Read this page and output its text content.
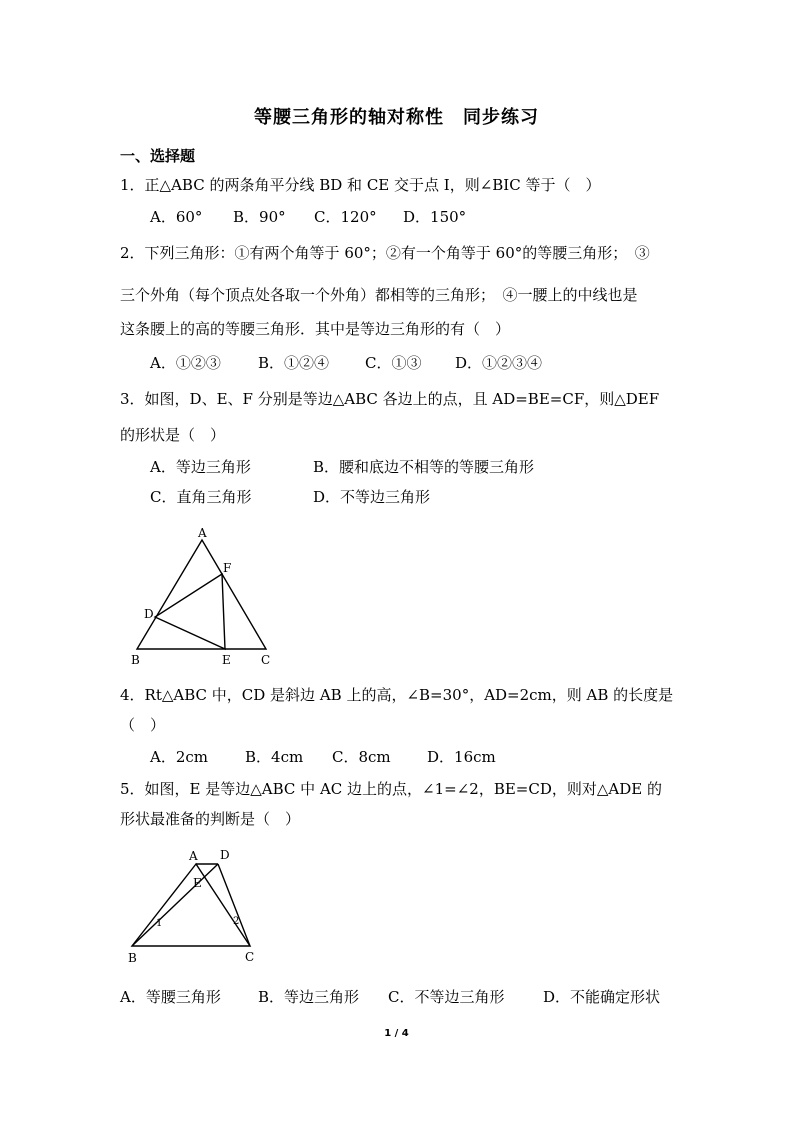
等腰三角形的轴对称性　同步练习
一、选择题
1．正△ABC 的两条角平分线 BD 和 CE 交于点 I，则∠BIC 等于（　）
A．60° B．90° C．120° D．150°
2．下列三角形：①有两个角等于 60°；②有一个角等于 60°的等腰三角形；　③
三个外角（每个顶点处各取一个外角）都相等的三角形；　④一腰上的中线也是
这条腰上的高的等腰三角形．其中是等边三角形的有（　）
A．①②③ B．①②④ C．①③ D．①②③④
3．如图，D、E、F 分别是等边△ABC 各边上的点，且 AD=BE=CF，则△DEF
的形状是（　）
A．等边三角形	B．腰和底边不相等的等腰三角形
C．直角三角形	D．不等边三角形
A
F
D
B	E	C
4．Rt△ABC 中，CD 是斜边 AB 上的高，∠B=30°，AD=2cm，则 AB 的长度是
（　）
A．2cm B．4cm C．8cm D．16cm
5．如图，E 是等边△ABC 中 AC 边上的点，∠1=∠2，BE=CD，则对△ADE 的
形状最准备的判断是（　）
A D
E
1	2
B	C
A．等腰三角形 B．等边三角形 C．不等边三角形	D．不能确定形状
1 / 4
